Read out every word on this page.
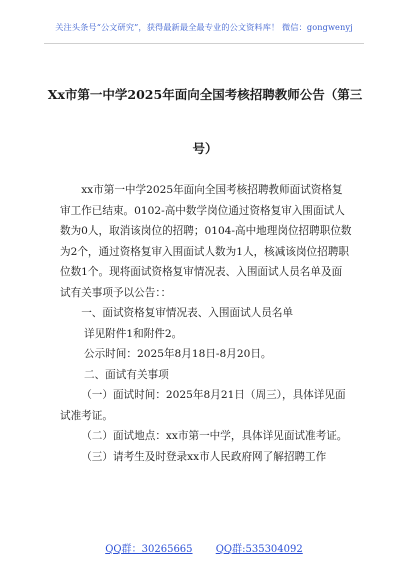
关注头条号“公文研究”，获得最新最全最专业的公文资料库！ 微信：gongwenyj
Xx市第一中学2025年面向全国考核招聘教师公告（第三
号）

xx市第一中学2025年面向全国考核招聘教师面试资格复审工作已结束。0102-高中数学岗位通过资格复审入围面试人数为0人，取消该岗位的招聘；0104-高中地理岗位招聘职位数为2个，通过资格复审入围面试人数为1人，核减该岗位招聘职位数1个。现将面试资格复审情况表、入围面试人员名单及面试有关事项予以公告：：

一、面试资格复审情况表、入围面试人员名单

详见附件1和附件2。

公示时间：2025年8月18日-8月20日。

二、面试有关事项

（一）面试时间：2025年8月21日（周三），具体详见面试准考证。

（二）面试地点：xx市第一中学，具体详见面试准考证。

（三）请考生及时登录xx市人民政府网了解招聘工作

QQ群：30265665 QQ群:535304092
